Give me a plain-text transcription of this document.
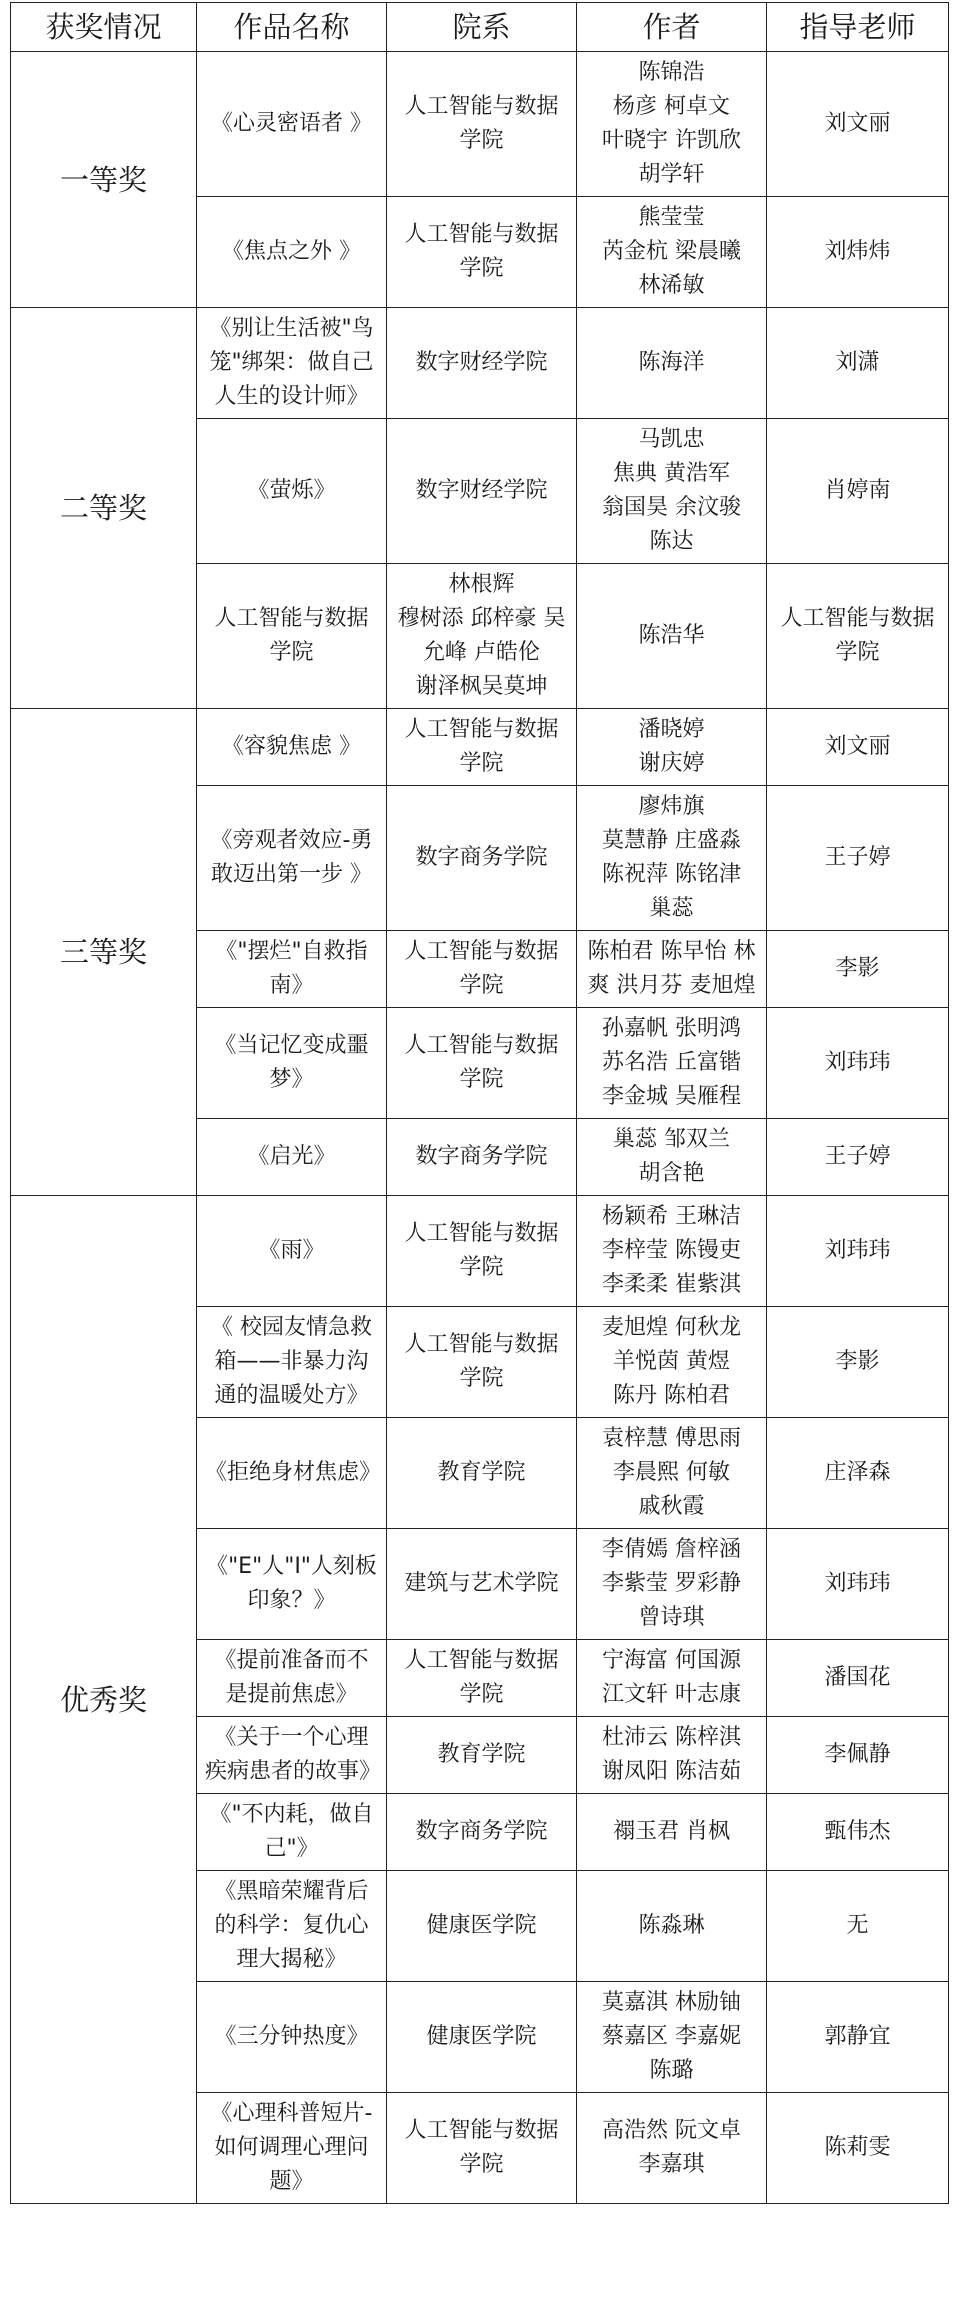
获奖情况	作品名称	院系	作者	指导老师
一等奖	《心灵密语者 》	人工智能与数据学院	陈锦浩
杨彦 柯卓文
叶晓宇 许凯欣
胡学轩	刘文丽
	《焦点之外 》	人工智能与数据学院	熊莹莹
芮金杭 梁晨曦
林浠敏	刘炜炜
二等奖	《别让生活被"鸟笼"绑架：做自己人生的设计师》	数字财经学院	陈海洋	刘潇
	《萤烁》	数字财经学院	马凯忠
焦典 黄浩军
翁国昊 余汶骏
陈达	肖婷南
	人工智能与数据学院	林根辉
穆树添 邱梓豪 吴允峰 卢皓伦
谢泽枫吴莫坤	陈浩华	人工智能与数据学院
三等奖	《容貌焦虑 》	人工智能与数据学院	潘晓婷
谢庆婷	刘文丽
	《旁观者效应-勇敢迈出第一步 》	数字商务学院	廖炜旗
莫慧静 庄盛淼
陈祝萍 陈铭津
巢蕊	王子婷
	《"摆烂"自救指南》	人工智能与数据学院	陈柏君 陈早怡 林爽 洪月芬 麦旭煌	李影
	《当记忆变成噩梦》	人工智能与数据学院	孙嘉帆 张明鸿
苏名浩 丘富锴
李金城 吴雁程	刘玮玮
	《启光》	数字商务学院	巢蕊 邹双兰
胡含艳	王子婷
优秀奖	《雨》	人工智能与数据学院	杨颖希 王琳洁
李梓莹 陈镘吏
李柔柔 崔紫淇	刘玮玮
	《 校园友情急救箱——非暴力沟通的温暖处方》	人工智能与数据学院	麦旭煌 何秋龙
羊悦茵 黄煜
陈丹 陈柏君	李影
	《拒绝身材焦虑》	教育学院	袁梓慧 傅思雨
李晨熙 何敏
戚秋霞	庄泽森
	《"E"人"I"人刻板印象？》	建筑与艺术学院	李倩嫣 詹梓涵
李紫莹 罗彩静
曾诗琪	刘玮玮
	《提前准备而不是提前焦虑》	人工智能与数据学院	宁海富 何国源
江文轩 叶志康	潘国花
	《关于一个心理疾病患者的故事》	教育学院	杜沛云 陈梓淇
谢凤阳 陈洁茹	李佩静
	《"不内耗，做自己"》	数字商务学院	禤玉君 肖枫	甄伟杰
	《黑暗荣耀背后的科学：复仇心理大揭秘》	健康医学院	陈淼琳	无
	《三分钟热度》	健康医学院	莫嘉淇 林励铀
蔡嘉区 李嘉妮
陈璐	郭静宜
	《心理科普短片-如何调理心理问题》	人工智能与数据学院	高浩然 阮文卓
李嘉琪	陈莉雯
